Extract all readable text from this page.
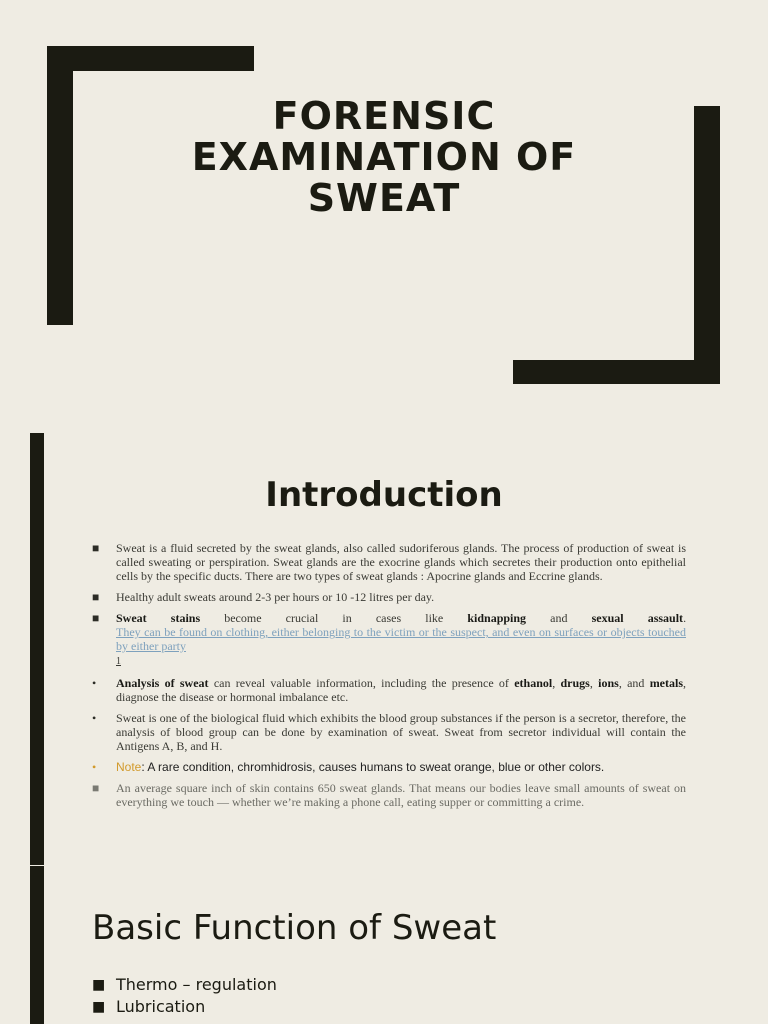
FORENSIC
EXAMINATION OF
SWEAT
Introduction
■ Sweat is a fluid secreted by the sweat glands, also called sudoriferous glands. The process of production of sweat is called sweating or perspiration. Sweat glands are the exocrine glands which secretes their production onto epithelial cells by the specific ducts. There are two types of sweat glands : Apocrine glands and Eccrine glands.
■ Healthy adult sweats around 2-3 per hours or 10 -12 litres per day.
■ Sweat stains become crucial in cases like kidnapping and sexual assault.
They can be found on clothing, either belonging to the victim or the suspect, and even on surfaces or objects touched by either party
1
• Analysis of sweat can reveal valuable information, including the presence of ethanol, drugs, ions, and metals, diagnose the disease or hormonal imbalance etc.
• Sweat is one of the biological fluid which exhibits the blood group substances if the person is a secretor, therefore, the analysis of blood group can be done by examination of sweat. Sweat from secretor individual will contain the Antigens A, B, and H.
• Note: A rare condition, chromhidrosis, causes humans to sweat orange, blue or other colors.
■ An average square inch of skin contains 650 sweat glands. That means our bodies leave small amounts of sweat on everything we touch — whether we’re making a phone call, eating supper or committing a crime.
Basic Function of Sweat
■ Thermo – regulation
■ Lubrication
